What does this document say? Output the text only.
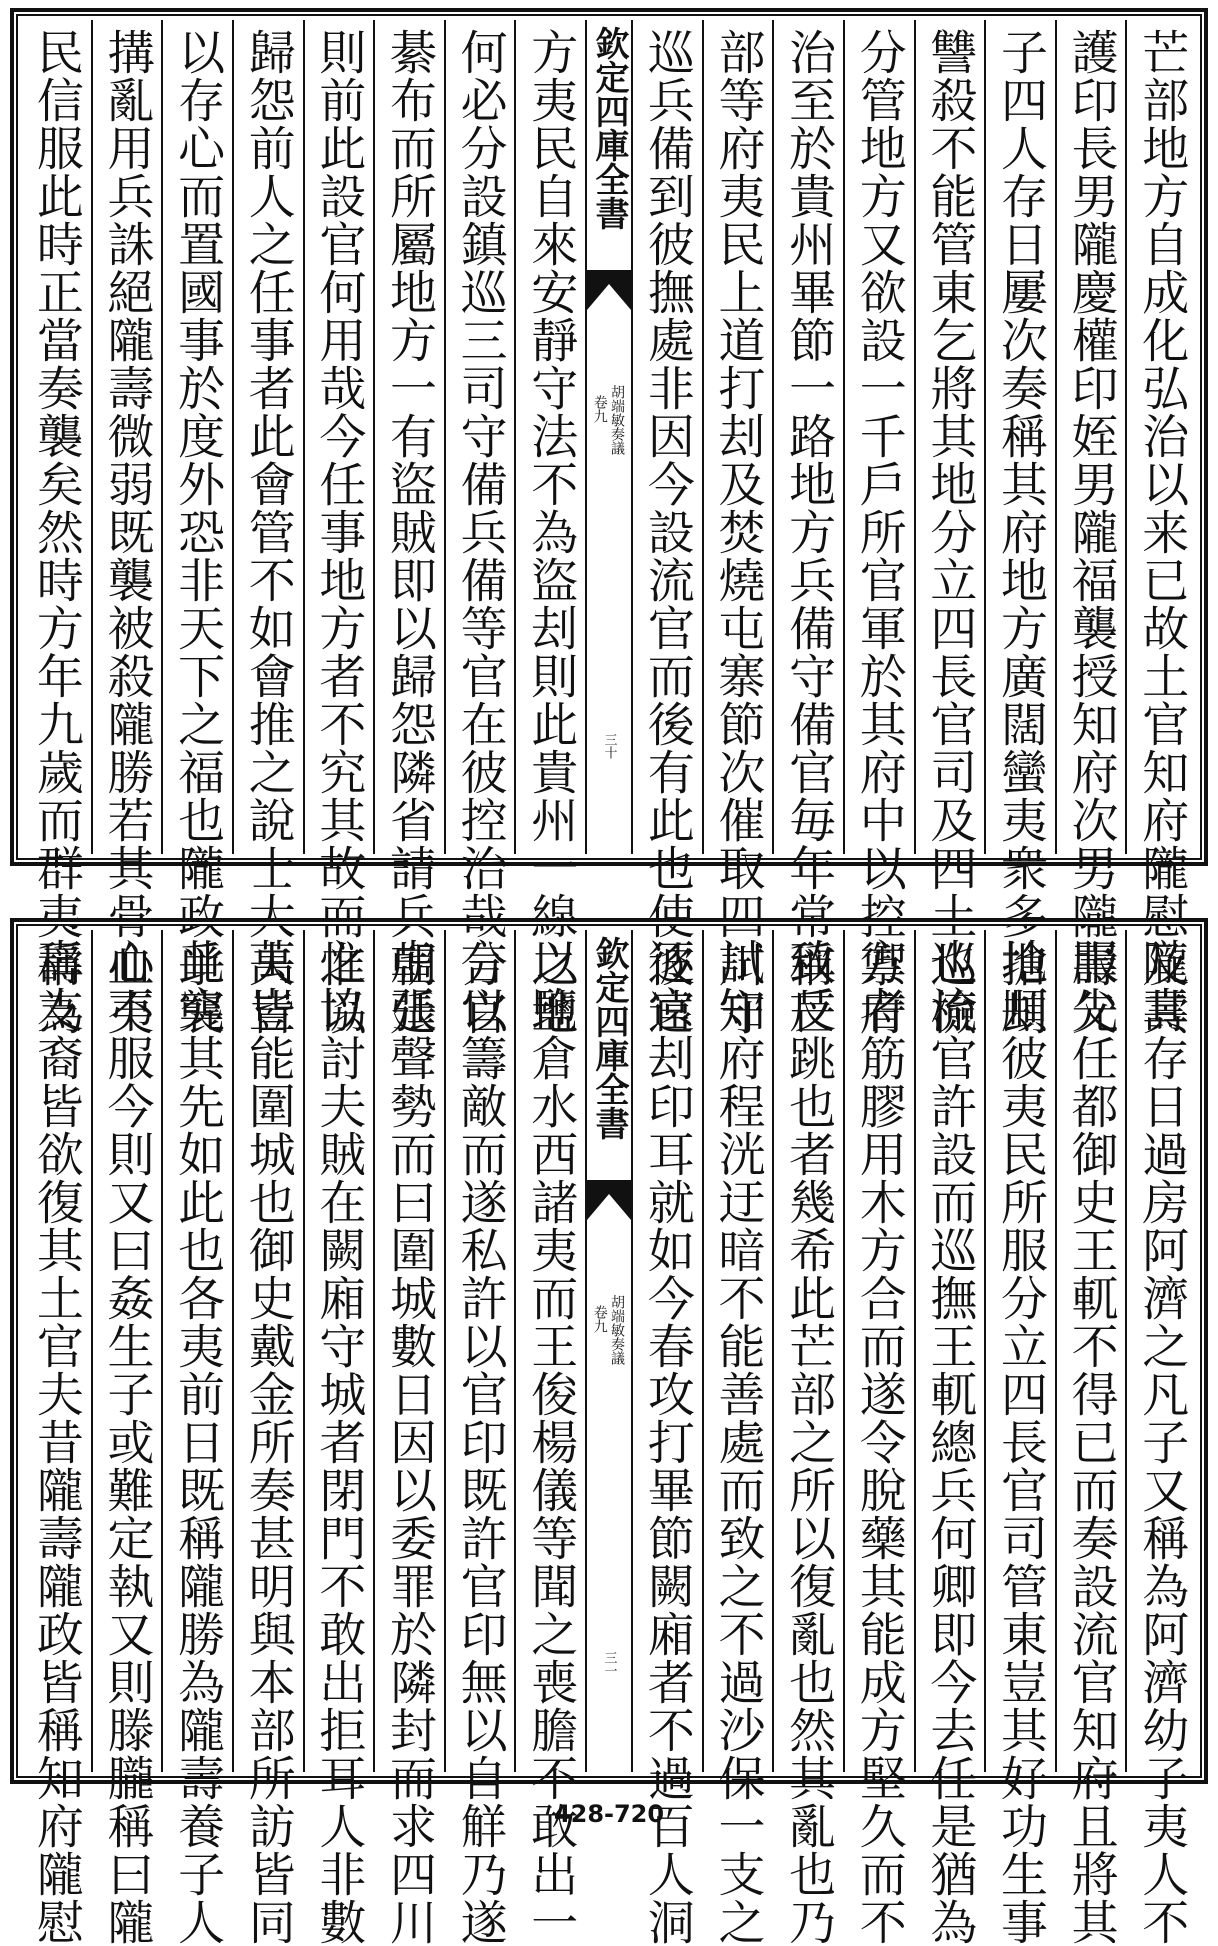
芒部地方自成化弘治以来已故土官知府隴慰及其
護印長男隴慶權印姪男隴福襲授知府次男隴壽父
子四人存日屢次奏稱其府地方廣闊蠻夷衆多搶刦
讐殺不能管東乞將其地分立四長官司及四土巡檢
分管地方又欲設一千戶所官軍於其府中以控禦府
治至於貴州畢節一路地方兵備守備官毎年常稱芒
部等府夷民上道打刦及焚燒屯寨節次催取四川守
巡兵備到彼撫處非因今設流官而後有此也使彼遠
欽定四庫全書
胡端敏奏議
卷九
三十
方夷民自來安靜守法不為盜刦則此貴州一線之地
何必分設鎮巡三司守備兵備等官在彼控治哉分官
綦布而所屬地方一有盜賊即以歸怨隣省請兵朝廷
則前此設官何用哉今任事地方者不究其故而惟以
歸怨前人之任事者此會管不如會推之說士大夫皆
以存心而置國事於度外恐非天下之福也隴政爭襲
搆亂用兵誅絕隴壽微弱既襲被殺隴勝若其骨血夷
民信服此時正當奏襲矣然時方年九歲而群夷稱為
隴壽存日過房阿濟之凡子又稱為阿濟幼子夷人不
服先任都御史王軏不得已而奏設流官知府且將其
地順彼夷民所服分立四長官司管東豈其好功生事
也流官許設而巡撫王軏總兵何卿即今去任是猶為
方者筋膠用木方合而遂令脫藥其能成方堅久而不
致反跳也者幾希此芒部之所以復亂也然其亂也乃
試知府程洸迂暗不能善處而致之不過沙保一支之
逐官刦印耳就如今春攻打畢節闕廂者不過百人洞
欽定四庫全書
胡端敏奏議
卷九
三一
以鹽倉水西諸夷而王俊楊儀等聞之喪膽不敢出一
言以籌敵而遂私許以官印既許官印無以自觧乃遂
虛張聲勢而曰圍城數日因以委罪於隣封而求四川
之協討夫賊在闕廂守城者閉門不敢出拒耳人非數
萬豈能圍城也御史戴金所奏甚明與本部所訪皆同
此究其先如此也各夷前日既稱隴勝為隴壽養子人
心不服今則又曰姦生子或難定執又則滕朧稱曰隴
壽支裔皆欲復其土官夫昔隴壽隴政皆稱知府隴慰	428-720
